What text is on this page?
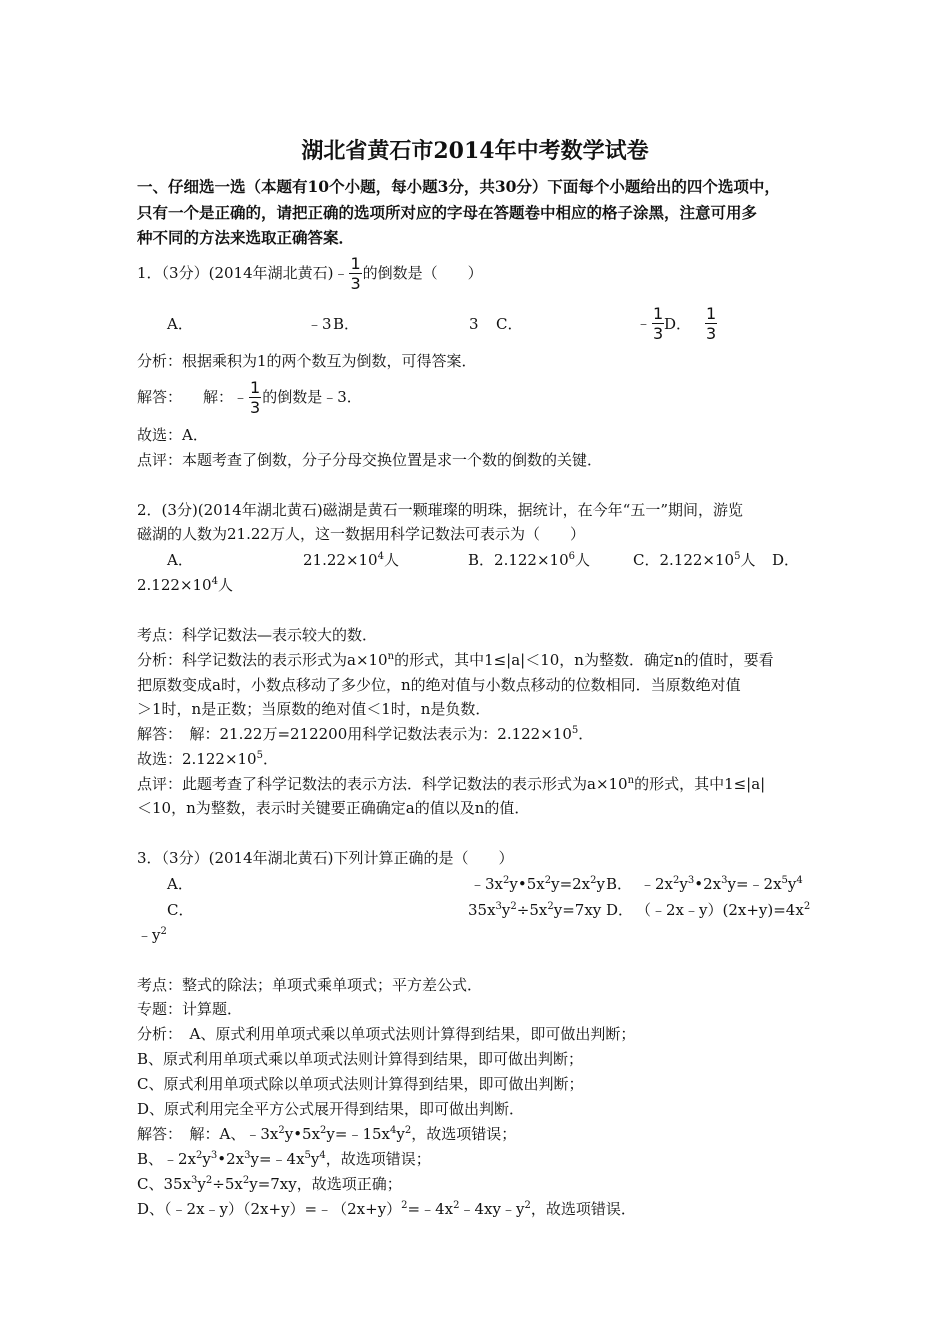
湖北省黄石市2014年中考数学试卷
一、仔细选一选（本题有10个小题，每小题3分，共30分）下面每个小题给出的四个选项中，
只有一个是正确的，请把正确的选项所对应的字母在答题卷中相应的格子涂黑，注意可用多
种不同的方法来选取正确答案．
1．（3分）(2014年湖北黄石)﹣ $\frac{1}{3}$ 的倒数是（　　）
A．	﹣3 B．	3 C．	﹣ $\frac{1}{3}$ D． $\frac{1}{3}$
分析：根据乘积为1的两个数互为倒数，可得答案．
解答： 解：﹣ $\frac{1}{3}$ 的倒数是﹣3．
故选：A．
点评：本题考查了倒数，分子分母交换位置是求一个数的倒数的关键．
2．(3分)(2014年湖北黄石)磁湖是黄石一颗璀璨的明珠，据统计，在今年“五一”期间，游览
磁湖的人数为21.22万人，这一数据用科学记数法可表示为（　　）
A．	$21.22\times 10^4$人	B．$2.122\times 10^6$人	C．$2.122\times 10^5$人 D．
$2.122\times 10^4$人
考点：科学记数法—表示较大的数．
分析：科学记数法的表示形式为$a\times 10^n$的形式，其中1≤|a|＜10，n为整数．确定n的值时，要看
把原数变成a时，小数点移动了多少位，n的绝对值与小数点移动的位数相同．当原数绝对值
＞1时，n是正数；当原数的绝对值＜1时，n是负数．
解答：　解：21.22万=212200用科学记数法表示为：$2.122\times 10^5$．
故选：$2.122\times 10^5$．
点评：此题考查了科学记数法的表示方法．科学记数法的表示形式为$a\times 10^n$的形式，其中1≤|a|
＜10，n为整数，表示时关键要正确确定a的值以及n的值．
3．（3分）(2014年湖北黄石)下列计算正确的是（　　）
A．	$﹣3x^2y•5x^2y=2x^2y$ B． $﹣2x^2y^3•2x^3y=﹣2x^5y^4$
C．	$35x^3y^2\div 5x^2y=7xy$ D． $(﹣2x﹣y)(2x+y)=4x^2$
$﹣y^2$
考点：整式的除法；单项式乘单项式；平方差公式．
专题：计算题．
分析：　A、原式利用单项式乘以单项式法则计算得到结果，即可做出判断；
B、原式利用单项式乘以单项式法则计算得到结果，即可做出判断；
C、原式利用单项式除以单项式法则计算得到结果，即可做出判断；
D、原式利用完全平方公式展开得到结果，即可做出判断．
解答：　解：A、$﹣3x^2y•5x^2y=﹣15x^4y^2$，故选项错误；
B、$﹣2x^2y^3•2x^3y=﹣4x^5y^4$，故选项错误；
C、$35x^3y^2\div 5x^2y=7xy$，故选项正确；
D、$(﹣2x﹣y)(2x+y)=﹣(2x+y)^2=﹣4x^2﹣4xy﹣y^2$，故选项错误．
